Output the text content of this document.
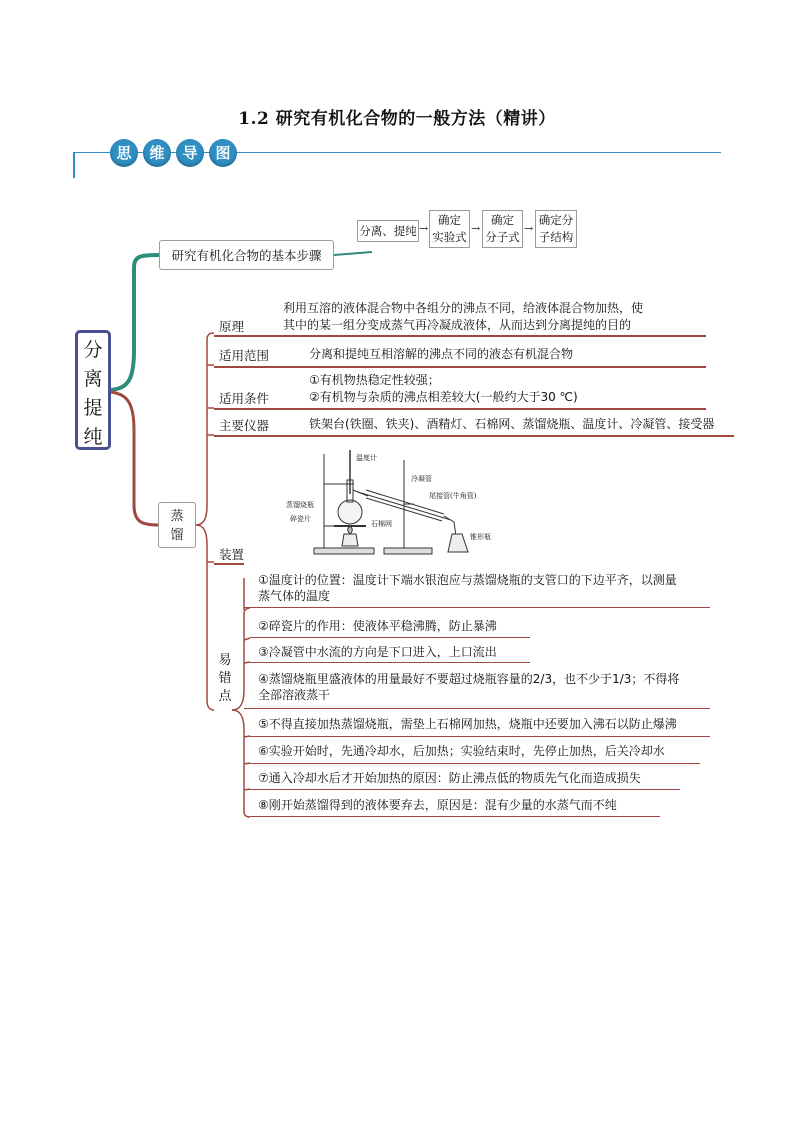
1.2 研究有机化合物的一般方法（精讲）
思	维	导	图
分
离
提
纯
研究有机化合物的基本步骤
分离、提纯 →
确定
实验式
→
确定
分子式
→
确定分
子结构
蒸
馏
原理
利用互溶的液体混合物中各组分的沸点不同，给液体混合物加热，使
其中的某一组分变成蒸气再冷凝成液体，从而达到分离提纯的目的
适用范围	分离和提纯互相溶解的沸点不同的液态有机混合物
①有机物热稳定性较强；
②有机物与杂质的沸点相差较大(一般约大于30 ℃)
适用条件
主要仪器	铁架台(铁圈、铁夹)、酒精灯、石棉网、蒸馏烧瓶、温度计、冷凝管、接受器
温度计
冷凝管
尾接管(牛角管)
蒸馏烧瓶
碎瓷片
石棉网
锥形瓶
装置
易
错
点
①温度计的位置：温度计下端水银泡应与蒸馏烧瓶的支管口的下边平齐，以测量
蒸气体的温度
②碎瓷片的作用：使液体平稳沸腾，防止暴沸
③冷凝管中水流的方向是下口进入，上口流出
④蒸馏烧瓶里盛液体的用量最好不要超过烧瓶容量的2/3，也不少于1/3；不得将
全部溶液蒸干
⑤不得直接加热蒸馏烧瓶，需垫上石棉网加热，烧瓶中还要加入沸石以防止爆沸
⑥实验开始时，先通冷却水，后加热；实验结束时，先停止加热，后关冷却水
⑦通入冷却水后才开始加热的原因：防止沸点低的物质先气化而造成损失
⑧刚开始蒸馏得到的液体要弃去，原因是：混有少量的水蒸气而不纯
